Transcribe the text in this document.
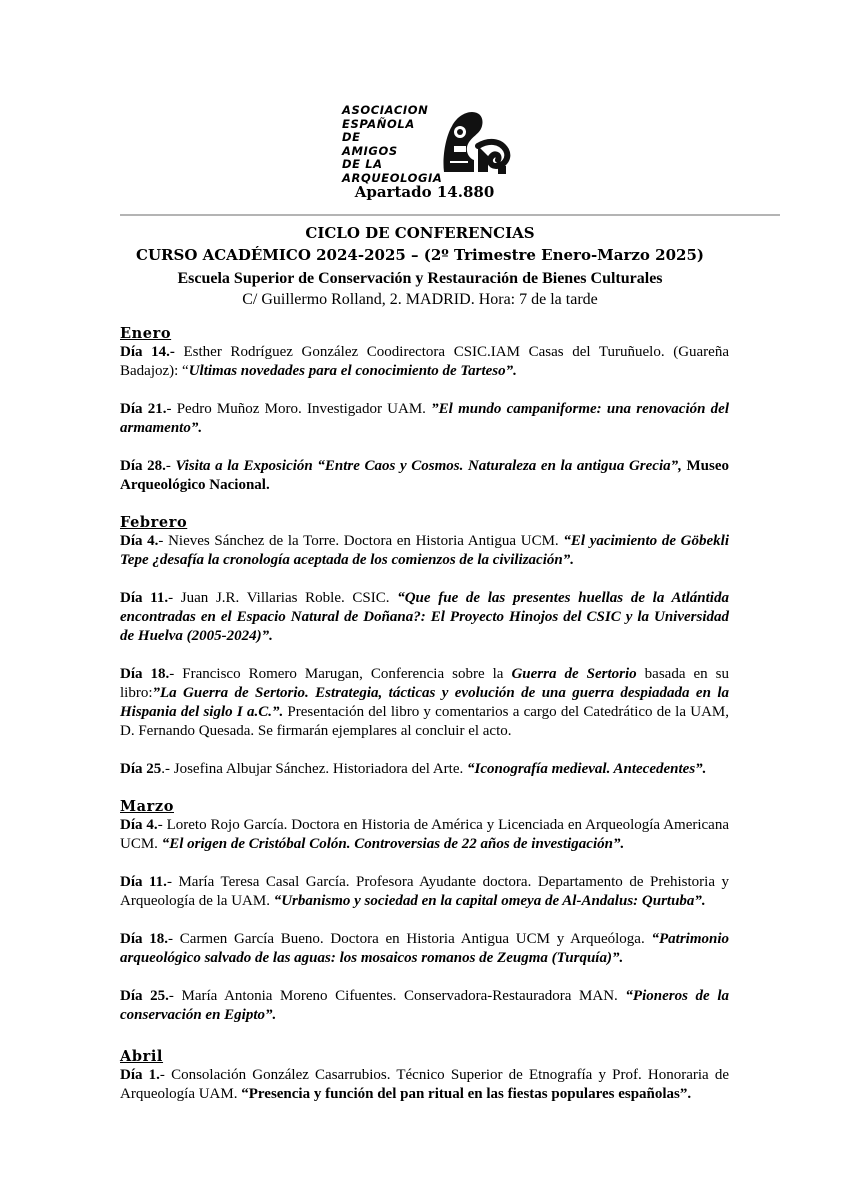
ASOCIACION
ESPAÑOLA
DE
AMIGOS
DE LA
ARQUEOLOGIA
Apartado 14.880
CICLO DE CONFERENCIAS
CURSO ACADÉMICO 2024-2025 – (2º Trimestre Enero-Marzo 2025)
Escuela Superior de Conservación y Restauración de Bienes Culturales
C/ Guillermo Rolland, 2. MADRID. Hora: 7 de la tarde
Enero

Día 14.- Esther Rodríguez González Coodirectora CSIC.IAM Casas del Turuñuelo. (Guareña Badajoz): “Ultimas novedades para el conocimiento de Tarteso”.

Día 21.- Pedro Muñoz Moro. Investigador UAM. ”El mundo campaniforme: una renovación del armamento”.

Día 28.- Visita a la Exposición “Entre Caos y Cosmos. Naturaleza en la antigua Grecia”, Museo Arqueológico Nacional.

Febrero

Día 4.- Nieves Sánchez de la Torre. Doctora en Historia Antigua UCM. “El yacimiento de Göbekli Tepe ¿desafía la cronología aceptada de los comienzos de la civilización”.

Día 11.- Juan J.R. Villarias Roble. CSIC. “Que fue de las presentes huellas de la Atlántida encontradas en el Espacio Natural de Doñana?: El Proyecto Hinojos del CSIC y la Universidad de Huelva (2005-2024)”.

Día 18.- Francisco Romero Marugan, Conferencia sobre la Guerra de Sertorio basada en su libro:”La Guerra de Sertorio. Estrategia, tácticas y evolución de una guerra despiadada en la Hispania del siglo I a.C.”. Presentación del libro y comentarios a cargo del Catedrático de la UAM, D. Fernando Quesada. Se firmarán ejemplares al concluir el acto.

Día 25.- Josefina Albujar Sánchez. Historiadora del Arte. “Iconografía medieval. Antecedentes”.

Marzo

Día 4.- Loreto Rojo García. Doctora en Historia de América y Licenciada en Arqueología Americana UCM. “El origen de Cristóbal Colón. Controversias de 22 años de investigación”.

Día 11.- María Teresa Casal García. Profesora Ayudante doctora. Departamento de Prehistoria y Arqueología de la UAM. “Urbanismo y sociedad en la capital omeya de Al-Andalus: Qurtuba”.

Día 18.- Carmen García Bueno. Doctora en Historia Antigua UCM y Arqueóloga. “Patrimonio arqueológico salvado de las aguas: los mosaicos romanos de Zeugma (Turquía)”.

Día 25.- María Antonia Moreno Cifuentes. Conservadora-Restauradora MAN. “Pioneros de la conservación en Egipto”.

Abril

Día 1.- Consolación González Casarrubios. Técnico Superior de Etnografía y Prof. Honoraria de Arqueología UAM. “Presencia y función del pan ritual en las fiestas populares españolas”.
